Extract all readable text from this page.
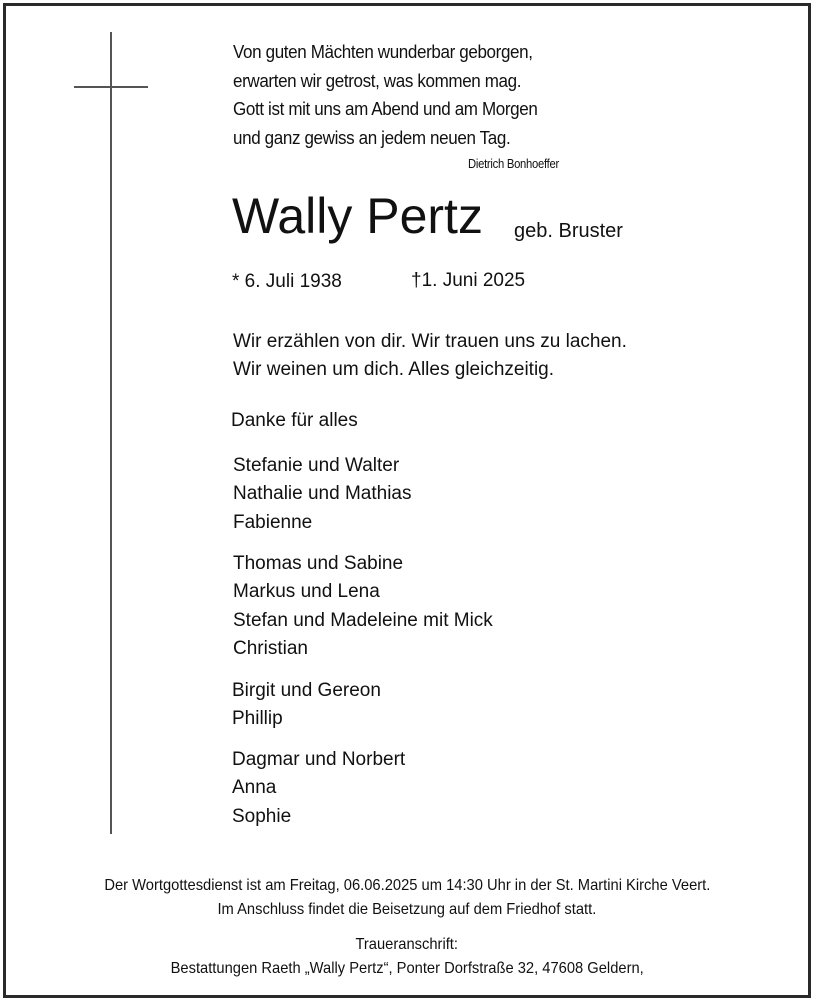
Von guten Mächten wunderbar geborgen,
erwarten wir getrost, was kommen mag.
Gott ist mit uns am Abend und am Morgen
und ganz gewiss an jedem neuen Tag.
Dietrich Bonhoeffer
Wally Pertz geb. Bruster
* 6. Juli 1938	†1. Juni 2025
Wir erzählen von dir. Wir trauen uns zu lachen.
Wir weinen um dich. Alles gleichzeitig.
Danke für alles
Stefanie und Walter
Nathalie und Mathias
Fabienne
Thomas und Sabine
Markus und Lena
Stefan und Madeleine mit Mick
Christian
Birgit und Gereon
Phillip
Dagmar und Norbert
Anna
Sophie
Der Wortgottesdienst ist am Freitag, 06.06.2025 um 14:30 Uhr in der St. Martini Kirche Veert.
Im Anschluss findet die Beisetzung auf dem Friedhof statt.
Traueranschrift:
Bestattungen Raeth „Wally Pertz“, Ponter Dorfstraße 32, 47608 Geldern,
